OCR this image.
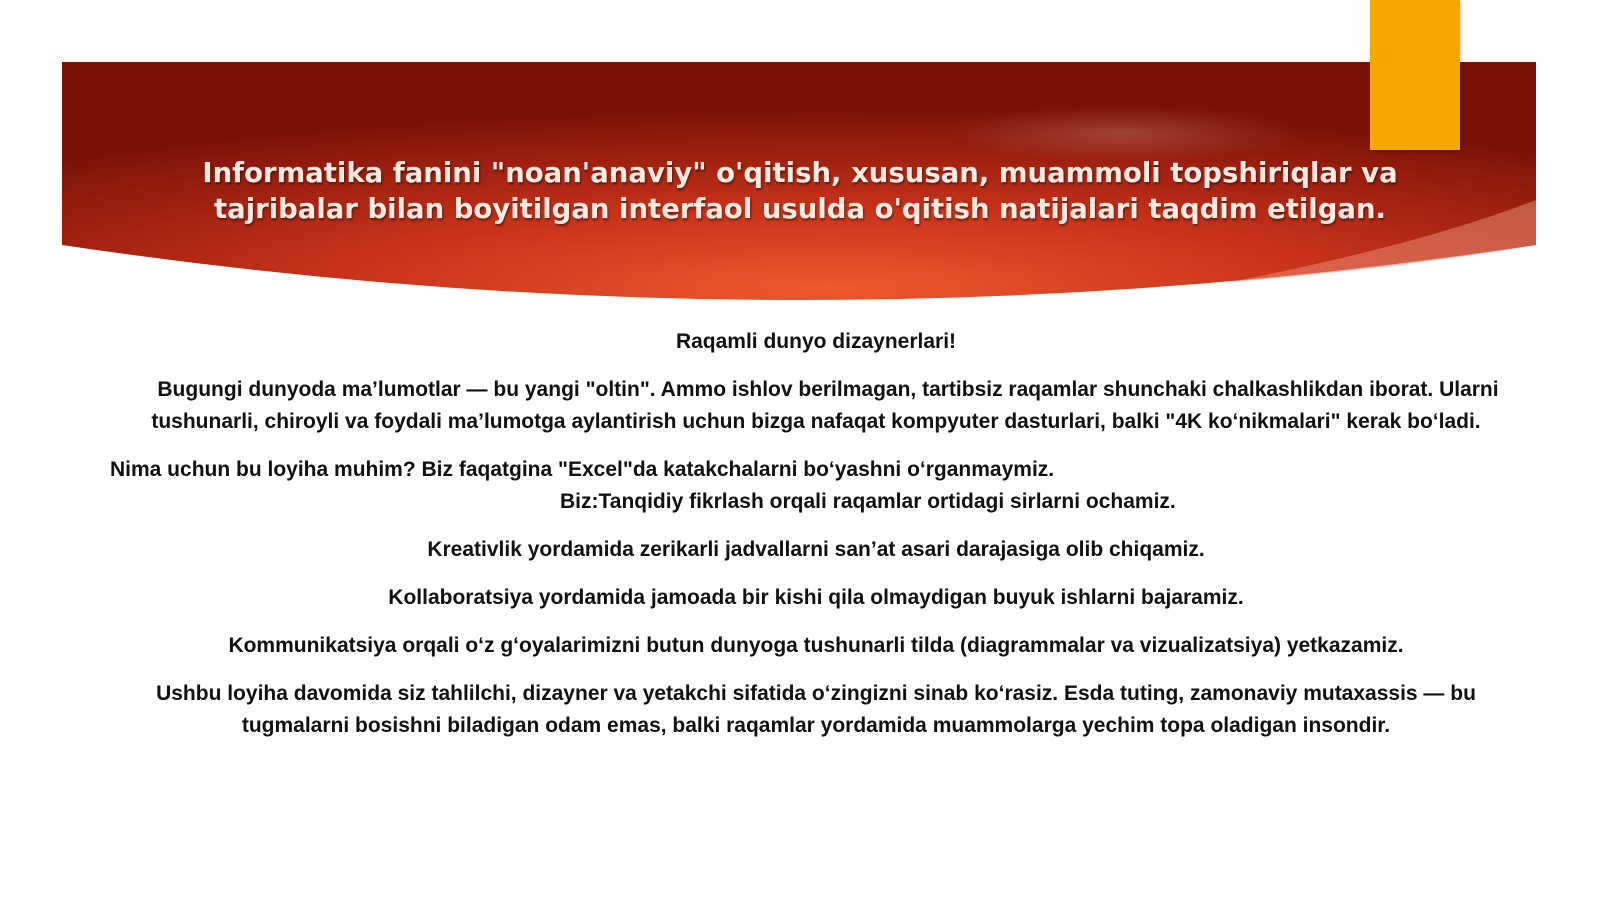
Informatika fanini "noan'anaviy" o'qitish, xususan, muammoli topshiriqlar va
tajribalar bilan boyitilgan interfaol usulda o'qitish natijalari taqdim etilgan.

Raqamli dunyo dizaynerlari!

Bugungi dunyoda ma’lumotlar — bu yangi "oltin". Ammo ishlov berilmagan, tartibsiz raqamlar shunchaki chalkashlikdan iborat. Ularni tushunarli, chiroyli va foydali ma’lumotga aylantirish uchun bizga nafaqat kompyuter dasturlari, balki "4K ko‘nikmalari" kerak bo‘ladi.

Nima uchun bu loyiha muhim? Biz faqatgina "Excel"da katakchalarni bo‘yashni o‘rganmaymiz.

Biz:Tanqidiy fikrlash orqali raqamlar ortidagi sirlarni ochamiz.

Kreativlik yordamida zerikarli jadvallarni san’at asari darajasiga olib chiqamiz.

Kollaboratsiya yordamida jamoada bir kishi qila olmaydigan buyuk ishlarni bajaramiz.

Kommunikatsiya orqali o‘z g‘oyalarimizni butun dunyoga tushunarli tilda (diagrammalar va vizualizatsiya) yetkazamiz.

Ushbu loyiha davomida siz tahlilchi, dizayner va yetakchi sifatida o‘zingizni sinab ko‘rasiz. Esda tuting, zamonaviy mutaxassis — bu tugmalarni bosishni biladigan odam emas, balki raqamlar yordamida muammolarga yechim topa oladigan insondir.
